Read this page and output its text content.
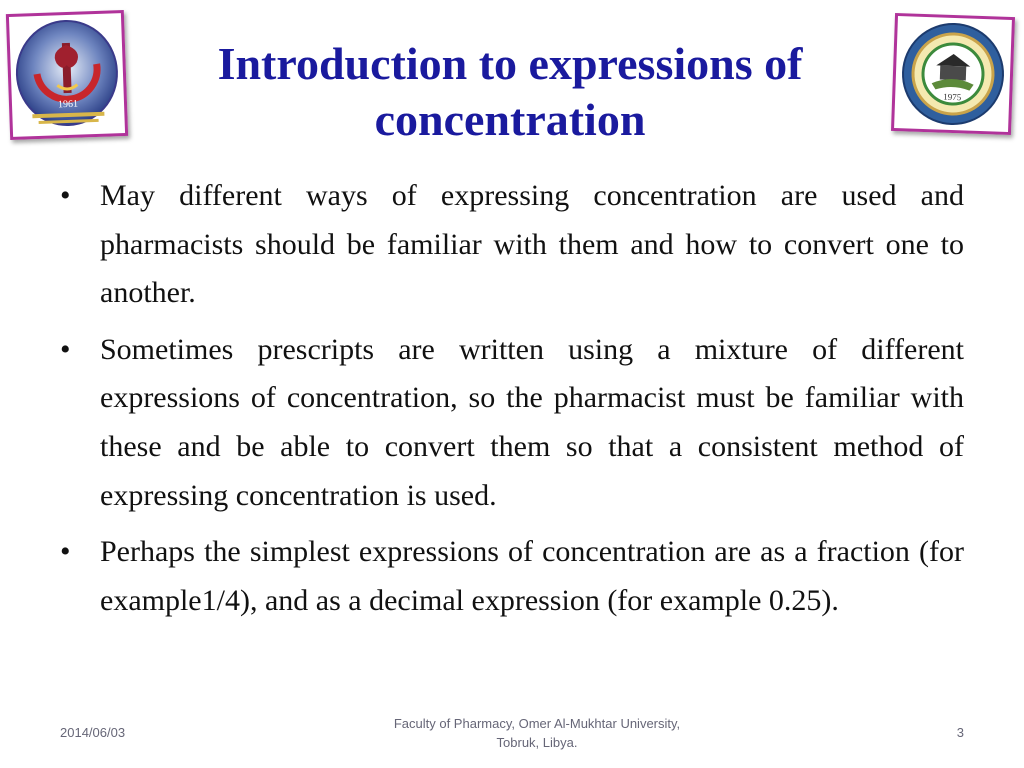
1961
1975
Introduction to expressions of
concentration
• May different ways of expressing concentration are used and pharmacists should be familiar with them and how to convert one to another.
• Sometimes prescripts are written using a mixture of different expressions of concentration, so the pharmacist must be familiar with these and be able to convert them so that a consistent method of expressing concentration is used.
• Perhaps the simplest expressions of concentration are as a fraction (for example1/4), and as a decimal expression (for example 0.25).
2014/06/03
Faculty of Pharmacy, Omer Al-Mukhtar University,
Tobruk, Libya.
3
